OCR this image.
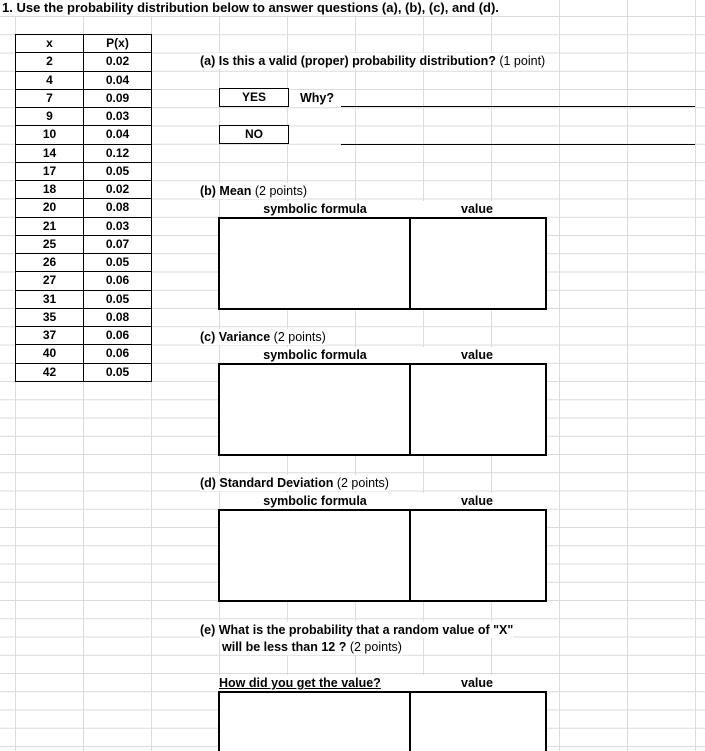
1. Use the probability distribution below to answer questions (a), (b), (c), and (d).
x	P(x)
2	0.02
4	0.04
7	0.09
9	0.03
10	0.04
14	0.12
17	0.05
18	0.02
20	0.08
21	0.03
25	0.07
26	0.05
27	0.06
31	0.05
35	0.08
37	0.06
40	0.06
42	0.05
(a) Is this a valid (proper) probability distribution? (1 point)
YES	Why?
NO
(b) Mean (2 points)
symbolic formula	value
(c) Variance (2 points)
symbolic formula	value
(d) Standard Deviation (2 points)
symbolic formula	value
(e) What is the probability that a random value of "X"
will be less than 12 ? (2 points)
How did you get the value?	value
